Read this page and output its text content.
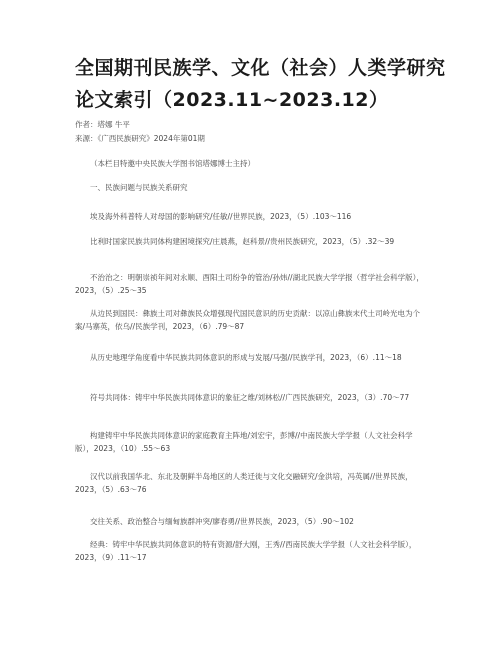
全国期刊民族学、文化（社会）人类学研究
论文索引（2023.11~2023.12）

作者：塔娜 牛平

来源：《广西民族研究》2024年第01期

（本栏目特邀中央民族大学图书馆塔娜博士主持）

一、民族问题与民族关系研究

埃及海外科普特人对母国的影响研究/任敏//世界民族，2023，（5）.103～116

比利时国家民族共同体构建困境探究/庄晨燕，赵科景//贵州民族研究，2023，（5）.32～39

不治治之：明朝崇祯年间对永顺、酉阳土司纷争的管治/孙炜//湖北民族大学学报（哲学社会科学版），2023，（5）.25～35

从边民到国民：彝族土司对彝族民众增强现代国民意识的历史贡献：以凉山彝族末代土司岭光电为个案/马寨英，依乌//民族学刊，2023，（6）.79～87

从历史地理学角度看中华民族共同体意识的形成与发展/马强//民族学刊，2023，（6）.11～18

符号共同体：铸牢中华民族共同体意识的象征之维/刘林松//广西民族研究，2023，（3）.70～77

构建铸牢中华民族共同体意识的家庭教育主阵地/刘宏宇，彭博//中南民族大学学报（人文社会科学版），2023，（10）.55～63

汉代以前我国华北、东北及朝鲜半岛地区的人类迁徙与文化交融研究/金洪培，冯英属//世界民族，2023，（5）.63～76

交往关系、政治整合与缅甸族群冲突/廖春勇//世界民族，2023，（5）.90～102

经典：铸牢中华民族共同体意识的特有资源/舒大刚，王秀//西南民族大学学报（人文社会科学版），2023，（9）.11～17
